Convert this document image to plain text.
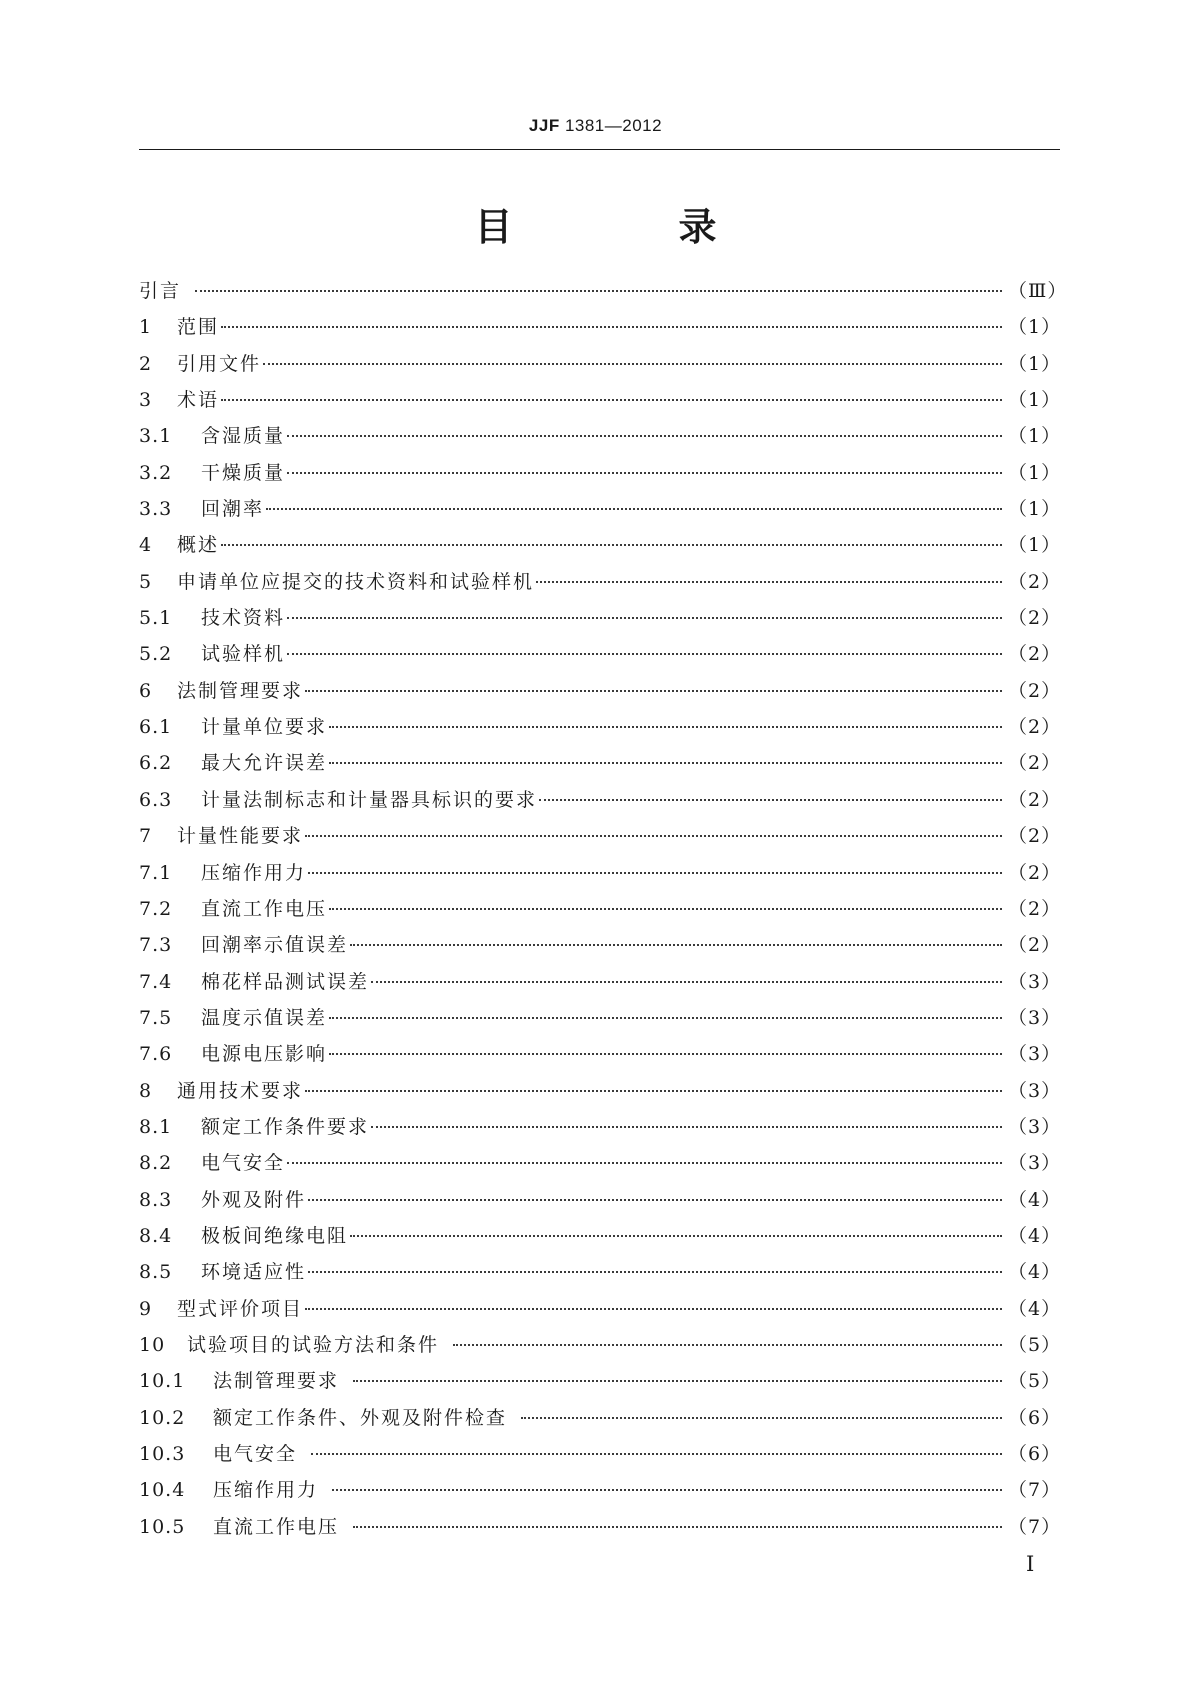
JJF 1381—2012
目　录
引言	（Ⅲ）
1	范围	（1）
2	引用文件	（1）
3	术语	（1）
3.1	含湿质量	（1）
3.2	干燥质量	（1）
3.3	回潮率	（1）
4	概述	（1）
5	申请单位应提交的技术资料和试验样机	（2）
5.1	技术资料	（2）
5.2	试验样机	（2）
6	法制管理要求	（2）
6.1	计量单位要求	（2）
6.2	最大允许误差	（2）
6.3	计量法制标志和计量器具标识的要求	（2）
7	计量性能要求	（2）
7.1	压缩作用力	（2）
7.2	直流工作电压	（2）
7.3	回潮率示值误差	（2）
7.4	棉花样品测试误差	（3）
7.5	温度示值误差	（3）
7.6	电源电压影响	（3）
8	通用技术要求	（3）
8.1	额定工作条件要求	（3）
8.2	电气安全	（3）
8.3	外观及附件	（4）
8.4	极板间绝缘电阻	（4）
8.5	环境适应性	（4）
9	型式评价项目	（4）
10	试验项目的试验方法和条件	（5）
10.1	法制管理要求	（5）
10.2	额定工作条件、外观及附件检查	（6）
10.3	电气安全	（6）
10.4	压缩作用力	（7）
10.5	直流工作电压	（7）
Ⅰ
